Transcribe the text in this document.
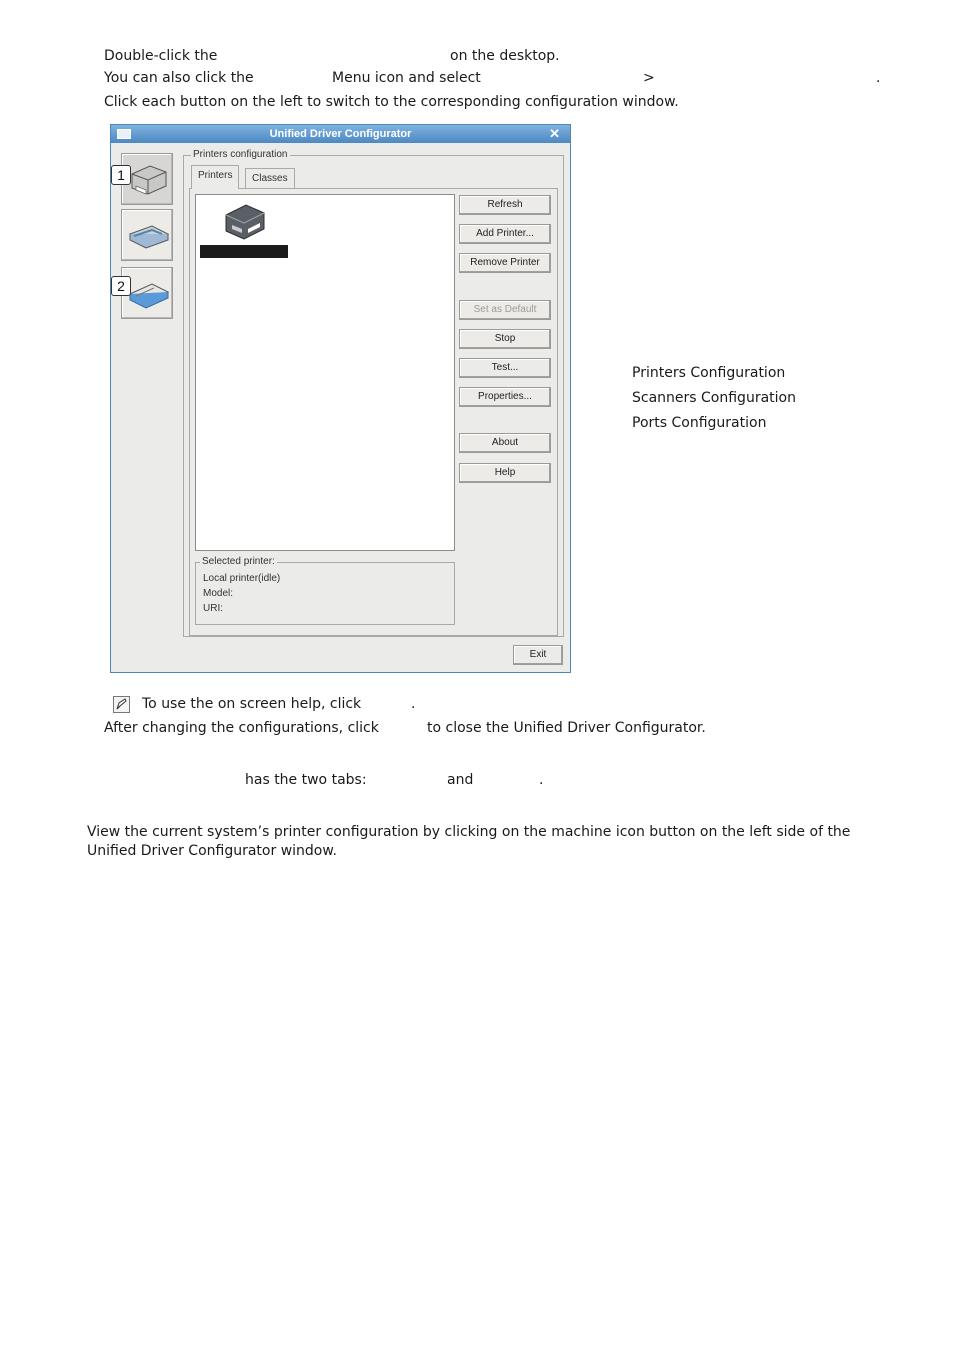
Double-click the	on the desktop.
You can also click the	Menu icon and select	>	.
Click each button on the left to switch to the corresponding configuration window.
Unified Driver Configurator	✕
1
2
Printers configuration
Printers	Classes
Refresh
Add Printer...
Remove Printer
Set as Default
Stop
Test...
Properties...
About
Help
Selected printer:
Local printer(idle)
Model:
URI:
Exit
Printers Configuration
Scanners Configuration
Ports Configuration
To use the on screen help, click	.
After changing the configurations, click	to close the Unified Driver Configurator.
has the two tabs:	and	.
View the current system’s printer configuration by clicking on the machine icon button on the left side of the
Unified Driver Configurator window.
